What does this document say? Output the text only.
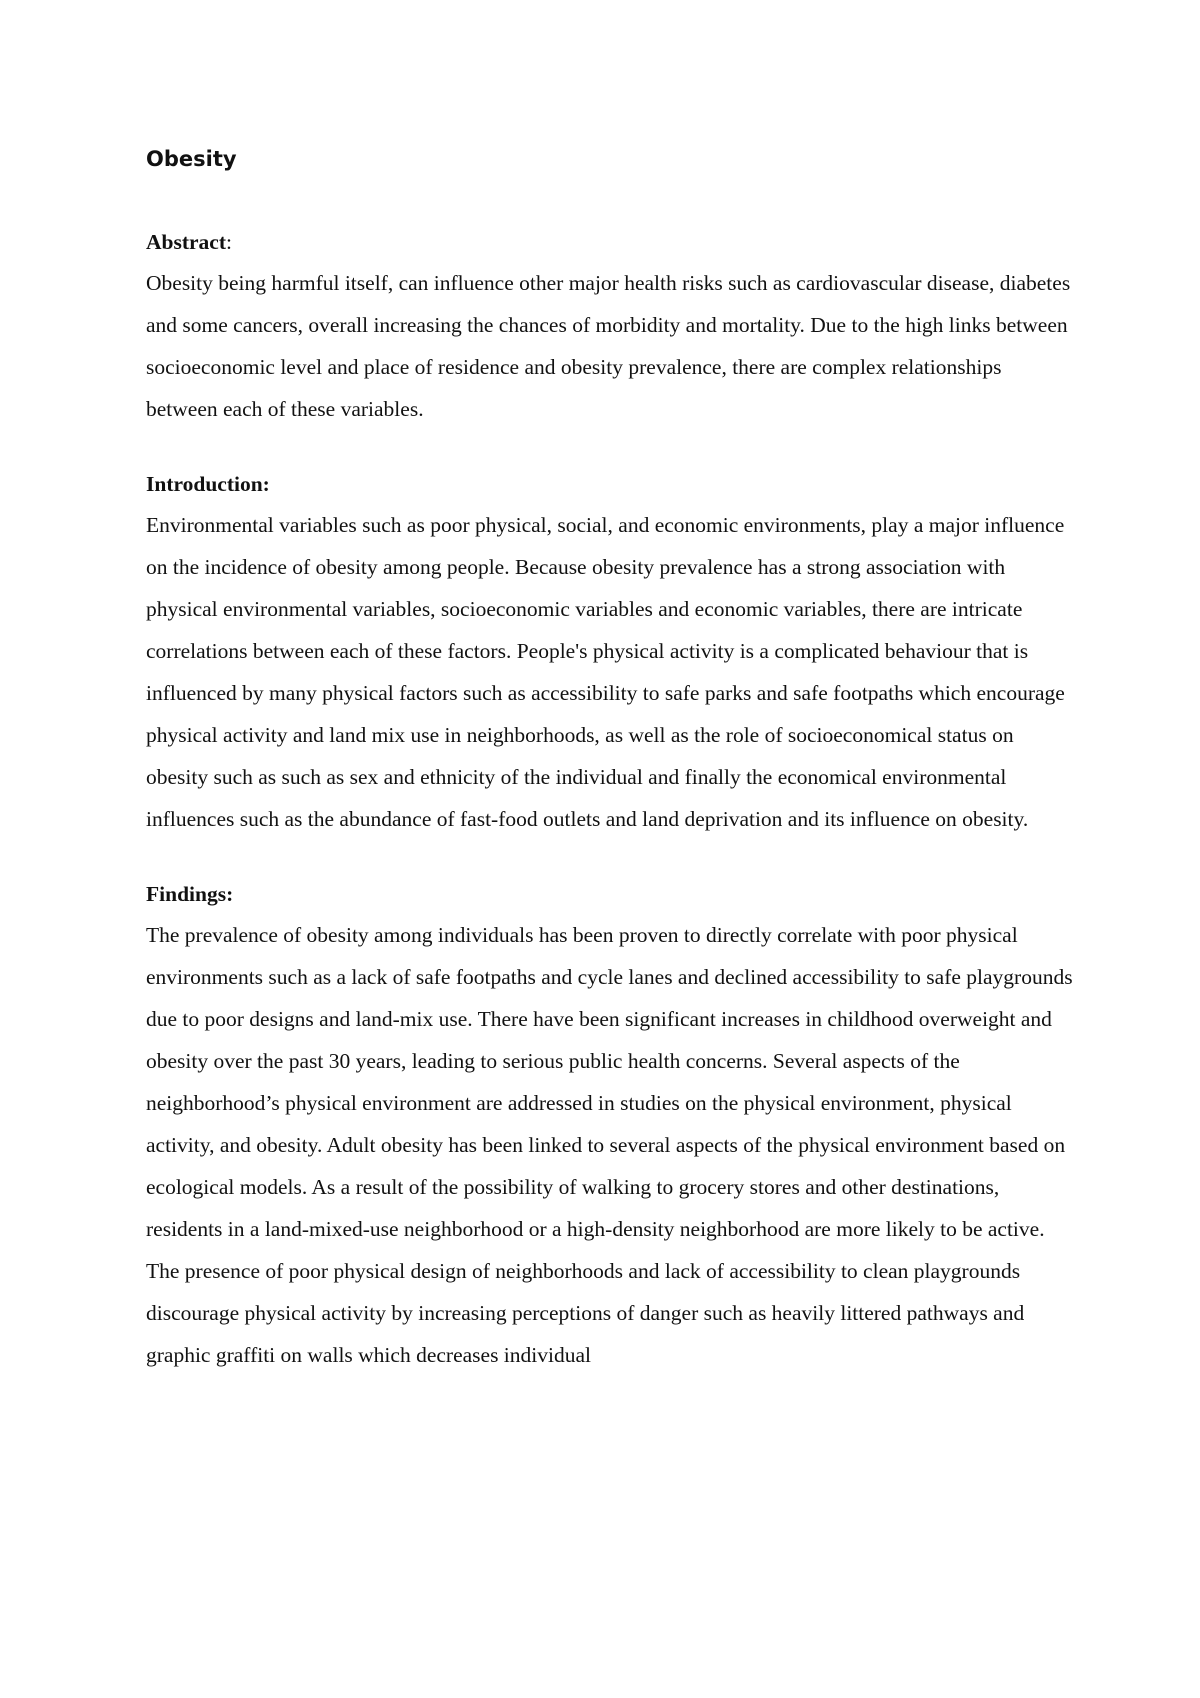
Obesity
Abstract:

Obesity being harmful itself, can influence other major health risks such as cardiovascular disease, diabetes and some cancers, overall increasing the chances of morbidity and mortality. Due to the high links between socioeconomic level and place of residence and obesity prevalence, there are complex relationships between each of these variables.

Introduction:

Environmental variables such as poor physical, social, and economic environments, play a major influence on the incidence of obesity among people. Because obesity prevalence has a strong association with physical environmental variables, socioeconomic variables and economic variables, there are intricate correlations between each of these factors. People's physical activity is a complicated behaviour that is influenced by many physical factors such as accessibility to safe parks and safe footpaths which encourage physical activity and land mix use in neighborhoods, as well as the role of socioeconomical status on obesity such as such as sex and ethnicity of the individual and finally the economical environmental influences such as the abundance of fast-food outlets and land deprivation and its influence on obesity.

Findings:

The prevalence of obesity among individuals has been proven to directly correlate with poor physical environments such as a lack of safe footpaths and cycle lanes and declined accessibility to safe playgrounds due to poor designs and land-mix use. There have been significant increases in childhood overweight and obesity over the past 30 years, leading to serious public health concerns. Several aspects of the neighborhood’s physical environment are addressed in studies on the physical environment, physical activity, and obesity. Adult obesity has been linked to several aspects of the physical environment based on ecological models. As a result of the possibility of walking to grocery stores and other destinations, residents in a land-mixed-use neighborhood or a high-density neighborhood are more likely to be active. The presence of poor physical design of neighborhoods and lack of accessibility to clean playgrounds discourage physical activity by increasing perceptions of danger such as heavily littered pathways and graphic graffiti on walls which decreases individual
